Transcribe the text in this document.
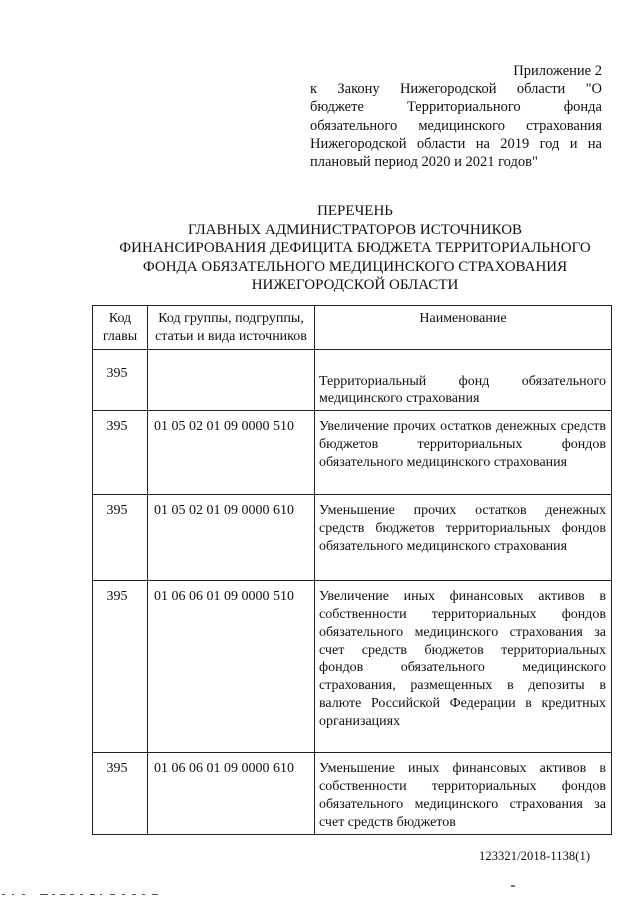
Приложение 2
к Закону Нижегородской области "О
бюджете Территориального фонда
обязательного медицинского страхования
Нижегородской области на 2019 год и на
плановый период 2020 и 2021 годов"
ПЕРЕЧЕНЬ
ГЛАВНЫХ АДМИНИСТРАТОРОВ ИСТОЧНИКОВ
ФИНАНСИРОВАНИЯ ДЕФИЦИТА БЮДЖЕТА ТЕРРИТОРИАЛЬНОГО
ФОНДА ОБЯЗАТЕЛЬНОГО МЕДИЦИНСКОГО СТРАХОВАНИЯ
НИЖЕГОРОДСКОЙ ОБЛАСТИ
Код главы	Код группы, подгруппы, статьи и вида источников	Наименование
395		Территориальный фонд обязательного медицинского страхования
395	01 05 02 01 09 0000 510	Увеличение прочих остатков денежных средств бюджетов территориальных фондов обязательного медицинского страхования
395	01 05 02 01 09 0000 610	Уменьшение прочих остатков денежных средств бюджетов территориальных фондов обязательного медицинского страхования
395	01 06 06 01 09 0000 510	Увеличение иных финансовых активов в собственности территориальных фондов обязательного медицинского страхования за счет средств бюджетов территориальных фондов обязательного медицинского страхования, размещенных в депозиты в валюте Российской Федерации в кредитных организациях
395	01 06 06 01 09 0000 610	Уменьшение иных финансовых активов в собственности территориальных фондов обязательного медицинского страхования за счет средств бюджетов
123321/2018-1138(1)
